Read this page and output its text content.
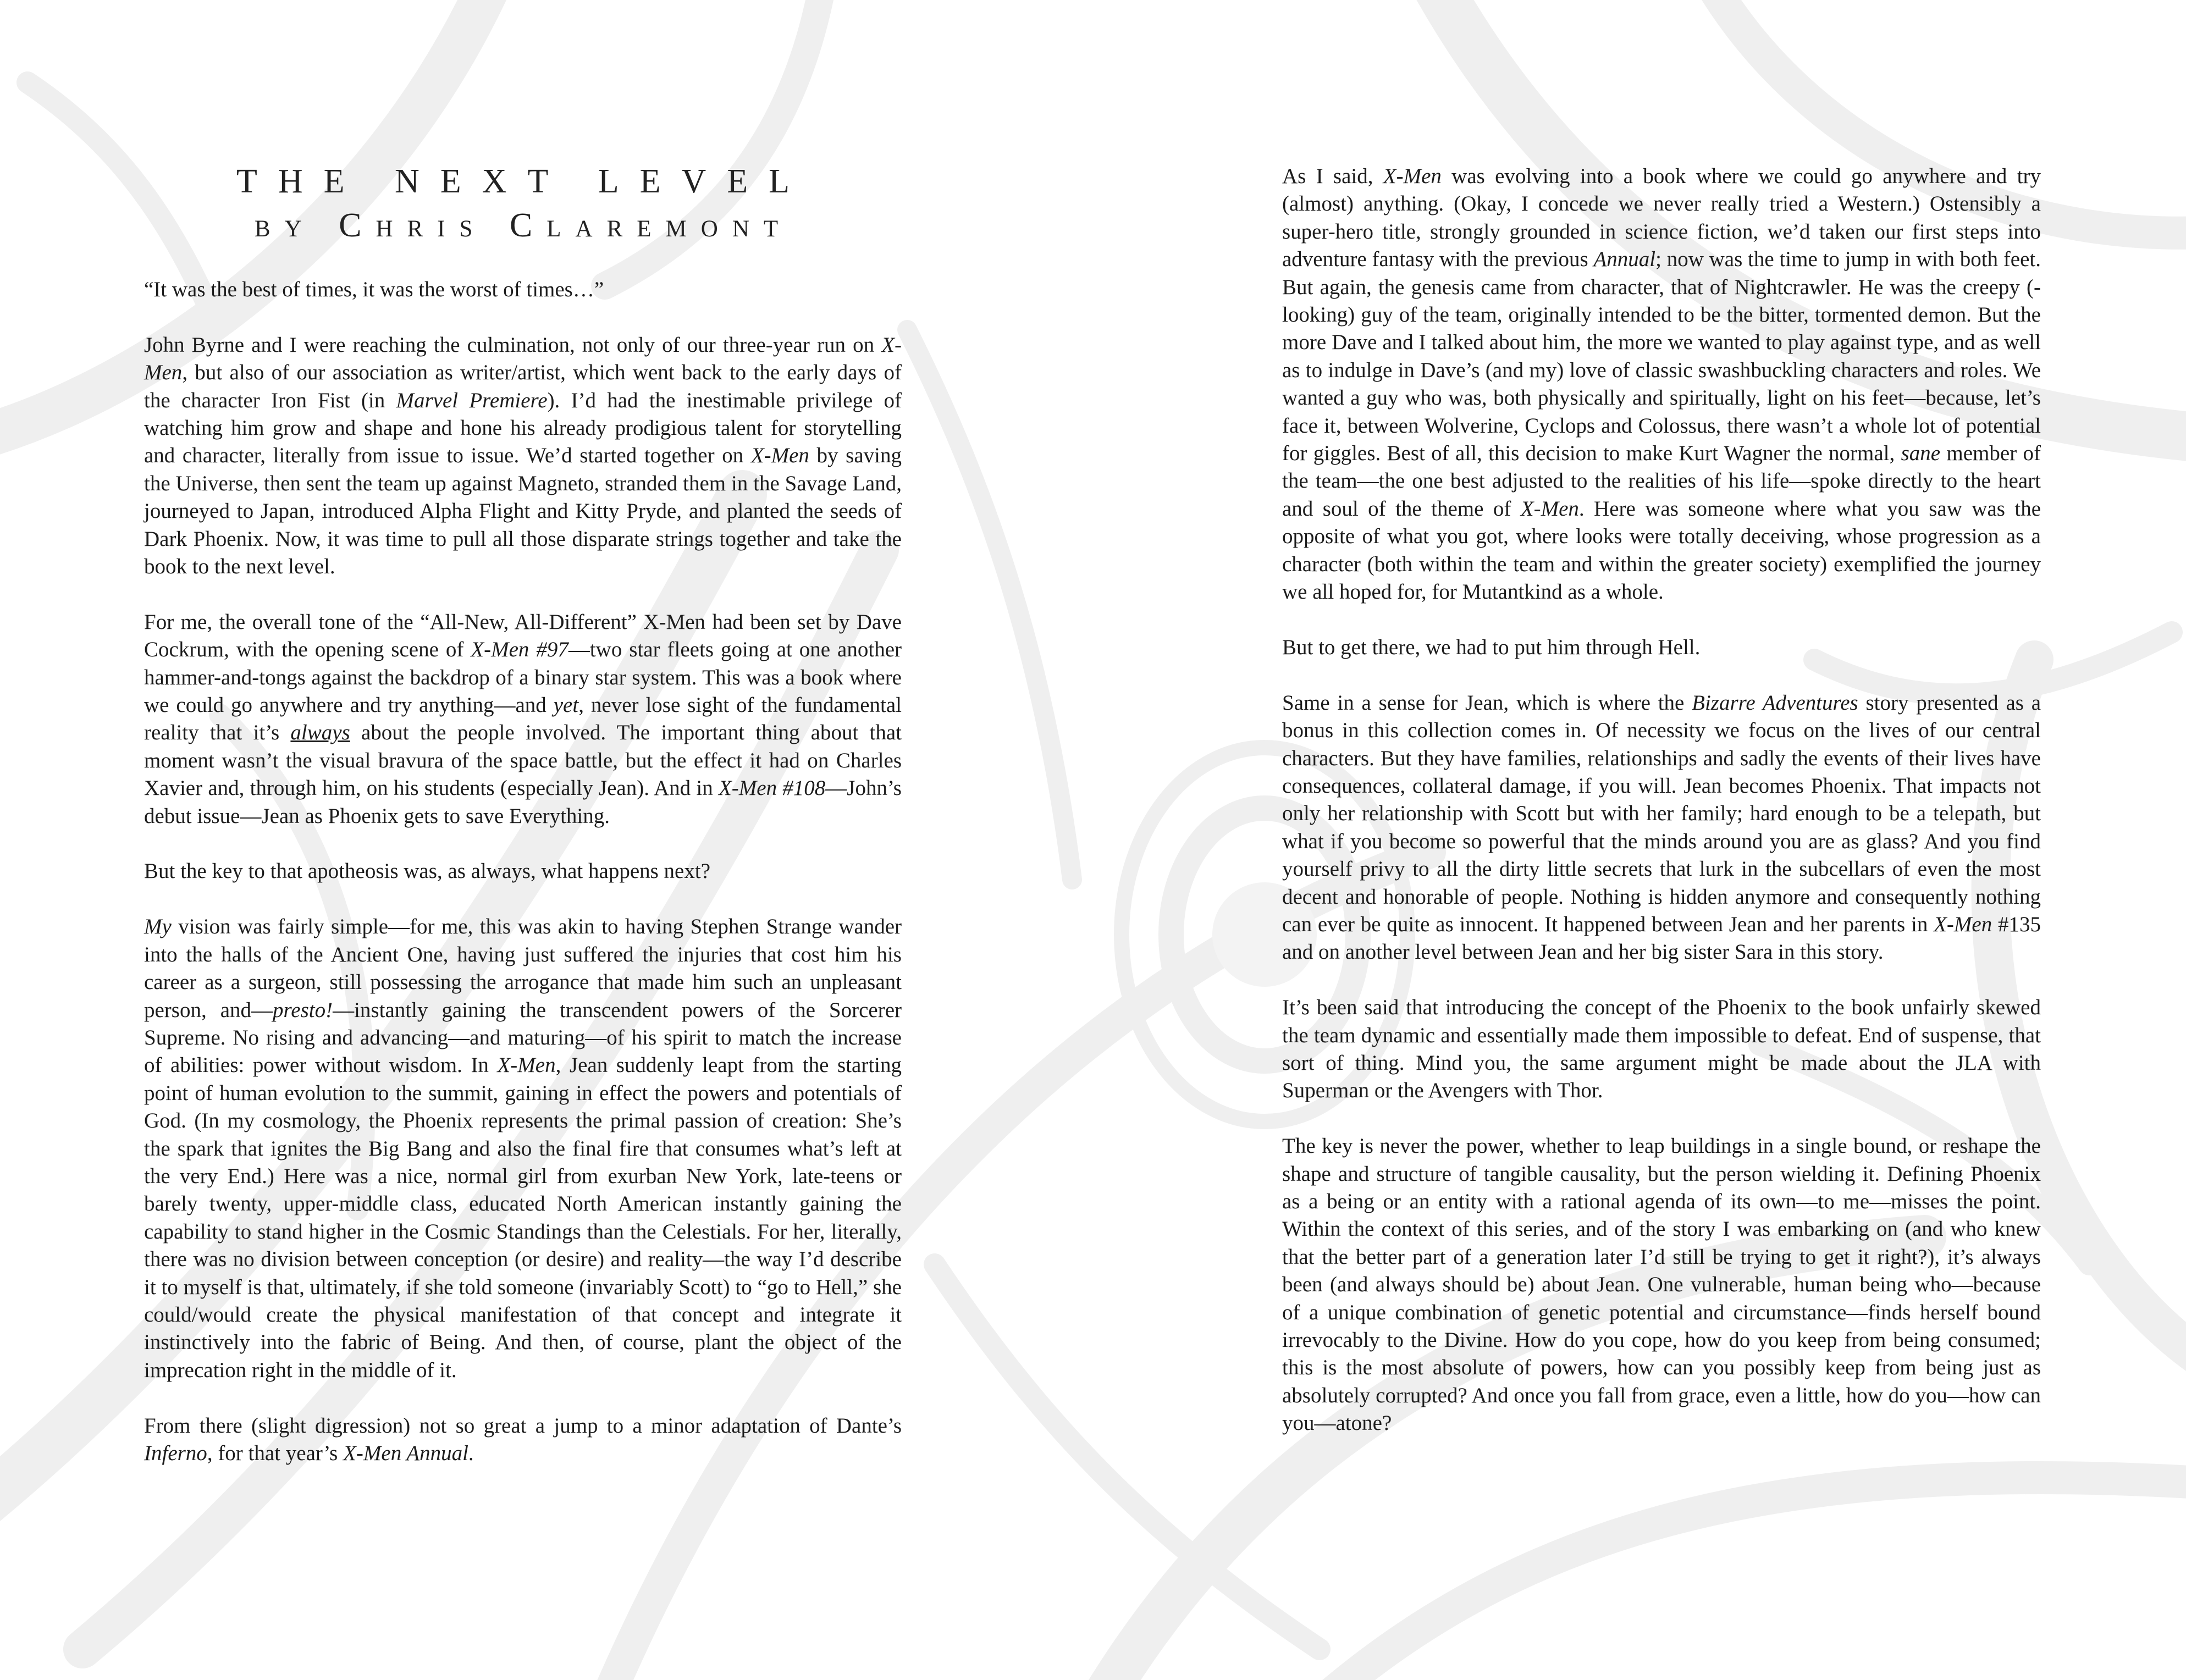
THE NEXT LEVEL
by Chris Claremont

“It was the best of times, it was the worst of times…”

John Byrne and I were reaching the culmination, not only of our three-year run on X-Men, but also of our association as writer/artist, which went back to the early days of the character Iron Fist (in Marvel Premiere). I’d had the inestimable privilege of watching him grow and shape and hone his already prodigious talent for storytelling and character, literally from issue to issue. We’d started together on X-Men by saving the Universe, then sent the team up against Magneto, stranded them in the Savage Land, journeyed to Japan, introduced Alpha Flight and Kitty Pryde, and planted the seeds of Dark Phoenix. Now, it was time to pull all those disparate strings together and take the book to the next level.

For me, the overall tone of the “All-New, All-Different” X-Men had been set by Dave Cockrum, with the opening scene of X-Men #97—two star fleets going at one another hammer-and-tongs against the backdrop of a binary star system. This was a book where we could go anywhere and try anything—and yet, never lose sight of the fundamental reality that it’s always about the people involved. The important thing about that moment wasn’t the visual bravura of the space battle, but the effect it had on Charles Xavier and, through him, on his students (especially Jean). And in X-Men #108—John’s debut issue—Jean as Phoenix gets to save Everything.

But the key to that apotheosis was, as always, what happens next?

My vision was fairly simple—for me, this was akin to having Stephen Strange wander into the halls of the Ancient One, having just suffered the injuries that cost him his career as a surgeon, still possessing the arrogance that made him such an unpleasant person, and—presto!—instantly gaining the transcendent powers of the Sorcerer Supreme. No rising and advancing—and maturing—of his spirit to match the increase of abilities: power without wisdom. In X-Men, Jean suddenly leapt from the starting point of human evolution to the summit, gaining in effect the powers and potentials of God. (In my cosmology, the Phoenix represents the primal passion of creation: She’s the spark that ignites the Big Bang and also the final fire that consumes what’s left at the very End.) Here was a nice, normal girl from exurban New York, late-teens or barely twenty, upper-middle class, educated North American instantly gaining the capability to stand higher in the Cosmic Standings than the Celestials. For her, literally, there was no division between conception (or desire) and reality—the way I’d describe it to myself is that, ultimately, if she told someone (invariably Scott) to “go to Hell,” she could/would create the physical manifestation of that concept and integrate it instinctively into the fabric of Being. And then, of course, plant the object of the imprecation right in the middle of it.

From there (slight digression) not so great a jump to a minor adaptation of Dante’s Inferno, for that year’s X-Men Annual.

As I said, X-Men was evolving into a book where we could go anywhere and try (almost) anything. (Okay, I concede we never really tried a Western.) Ostensibly a super-hero title, strongly grounded in science fiction, we’d taken our first steps into adventure fantasy with the previous Annual; now was the time to jump in with both feet. But again, the genesis came from character, that of Nightcrawler. He was the creepy (-looking) guy of the team, originally intended to be the bitter, tormented demon. But the more Dave and I talked about him, the more we wanted to play against type, and as well as to indulge in Dave’s (and my) love of classic swashbuckling characters and roles. We wanted a guy who was, both physically and spiritually, light on his feet—because, let’s face it, between Wolverine, Cyclops and Colossus, there wasn’t a whole lot of potential for giggles. Best of all, this decision to make Kurt Wagner the normal, sane member of the team—the one best adjusted to the realities of his life—spoke directly to the heart and soul of the theme of X-Men. Here was someone where what you saw was the opposite of what you got, where looks were totally deceiving, whose progression as a character (both within the team and within the greater society) exemplified the journey we all hoped for, for Mutantkind as a whole.

But to get there, we had to put him through Hell.

Same in a sense for Jean, which is where the Bizarre Adventures story presented as a bonus in this collection comes in. Of necessity we focus on the lives of our central characters. But they have families, relationships and sadly the events of their lives have consequences, collateral damage, if you will. Jean becomes Phoenix. That impacts not only her relationship with Scott but with her family; hard enough to be a telepath, but what if you become so powerful that the minds around you are as glass? And you find yourself privy to all the dirty little secrets that lurk in the subcellars of even the most decent and honorable of people. Nothing is hidden anymore and consequently nothing can ever be quite as innocent. It happened between Jean and her parents in X-Men #135 and on another level between Jean and her big sister Sara in this story.

It’s been said that introducing the concept of the Phoenix to the book unfairly skewed the team dynamic and essentially made them impossible to defeat. End of suspense, that sort of thing. Mind you, the same argument might be made about the JLA with Superman or the Avengers with Thor.

The key is never the power, whether to leap buildings in a single bound, or reshape the shape and structure of tangible causality, but the person wielding it. Defining Phoenix as a being or an entity with a rational agenda of its own—to me—misses the point. Within the context of this series, and of the story I was embarking on (and who knew that the better part of a generation later I’d still be trying to get it right?), it’s always been (and always should be) about Jean. One vulnerable, human being who—because of a unique combination of genetic potential and circumstance—finds herself bound irrevocably to the Divine. How do you cope, how do you keep from being consumed; this is the most absolute of powers, how can you possibly keep from being just as absolutely corrupted? And once you fall from grace, even a little, how do you—how can you—atone?
